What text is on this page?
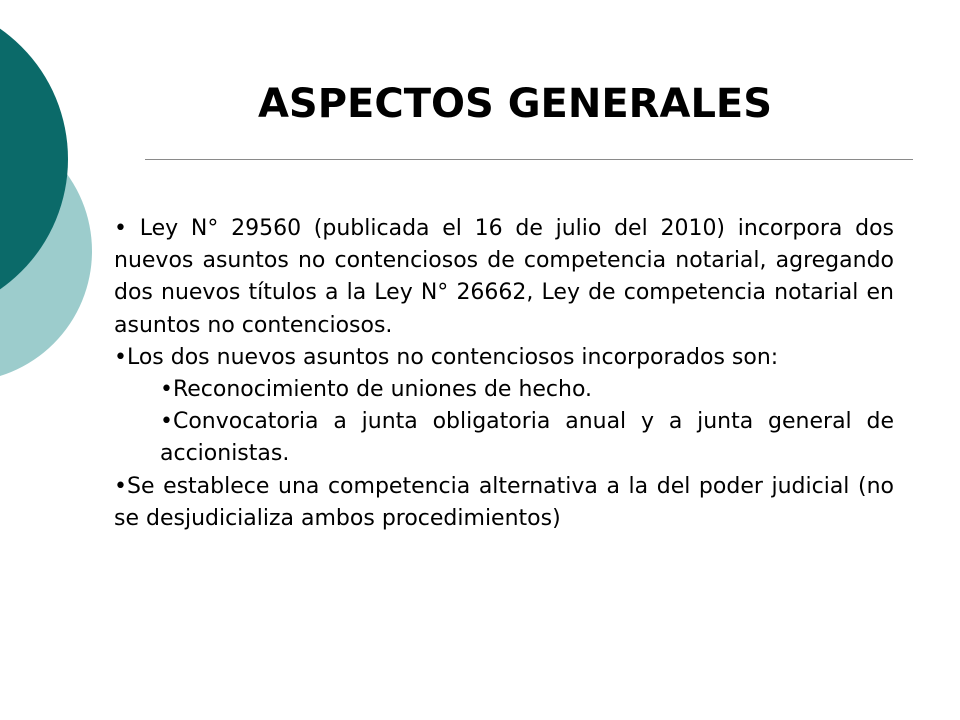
ASPECTOS GENERALES

• Ley N° 29560 (publicada el 16 de julio del 2010) incorpora dos nuevos asuntos no contenciosos de competencia notarial, agregando dos nuevos títulos a la Ley N° 26662, Ley de competencia notarial en asuntos no contenciosos.

•Los dos nuevos asuntos no contenciosos incorporados son:

•Reconocimiento de uniones de hecho.

•Convocatoria a junta obligatoria anual y a junta general de accionistas.

•Se establece una competencia alternativa a la del poder judicial (no se desjudicializa ambos procedimientos)
